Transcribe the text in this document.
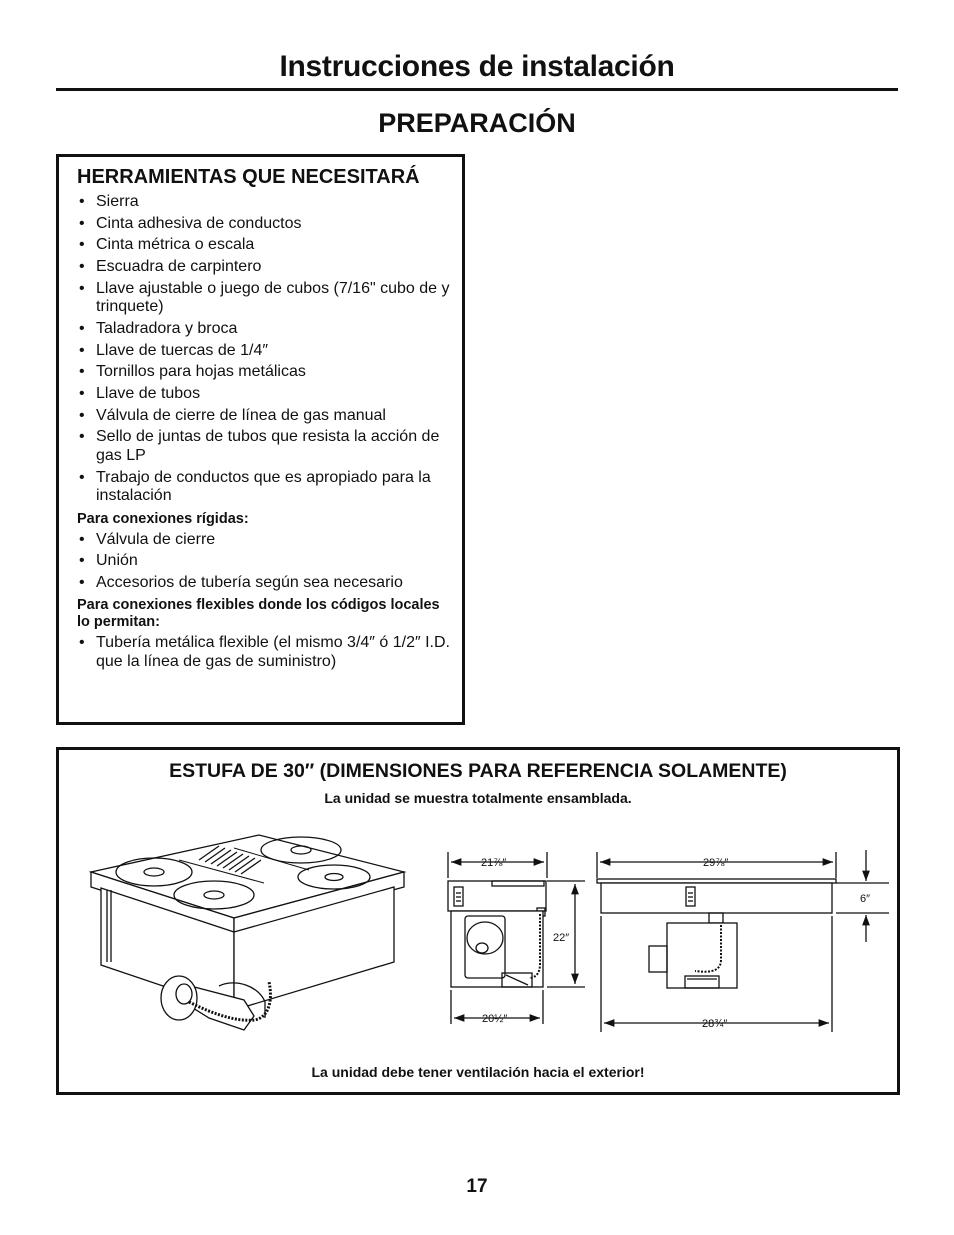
Instrucciones de instalación
PREPARACIÓN
HERRAMIENTAS QUE NECESITARÁ
• Sierra
• Cinta adhesiva de conductos
• Cinta métrica o escala
• Escuadra de carpintero
• Llave ajustable o juego de cubos (7/16" cubo de y trinquete)
• Taladradora y broca
• Llave de tuercas de 1/4″
• Tornillos para hojas metálicas
• Llave de tubos
• Válvula de cierre de línea de gas manual
• Sello de juntas de tubos que resista la acción de gas LP
• Trabajo de conductos que es apropiado para la instalación
Para conexiones rígidas:
• Válvula de cierre
• Unión
• Accesorios de tubería según sea necesario
Para conexiones flexibles donde los códigos locales lo permitan:
• Tubería metálica flexible (el mismo 3/4″ ó 1/2″ I.D. que la línea de gas de suministro)
ESTUFA DE 30″ (DIMENSIONES PARA REFERENCIA SOLAMENTE)
La unidad se muestra totalmente ensamblada.
21⅞″
22″
20½″
29⅞″
6″
28¾″
La unidad debe tener ventilación hacia el exterior!
17
